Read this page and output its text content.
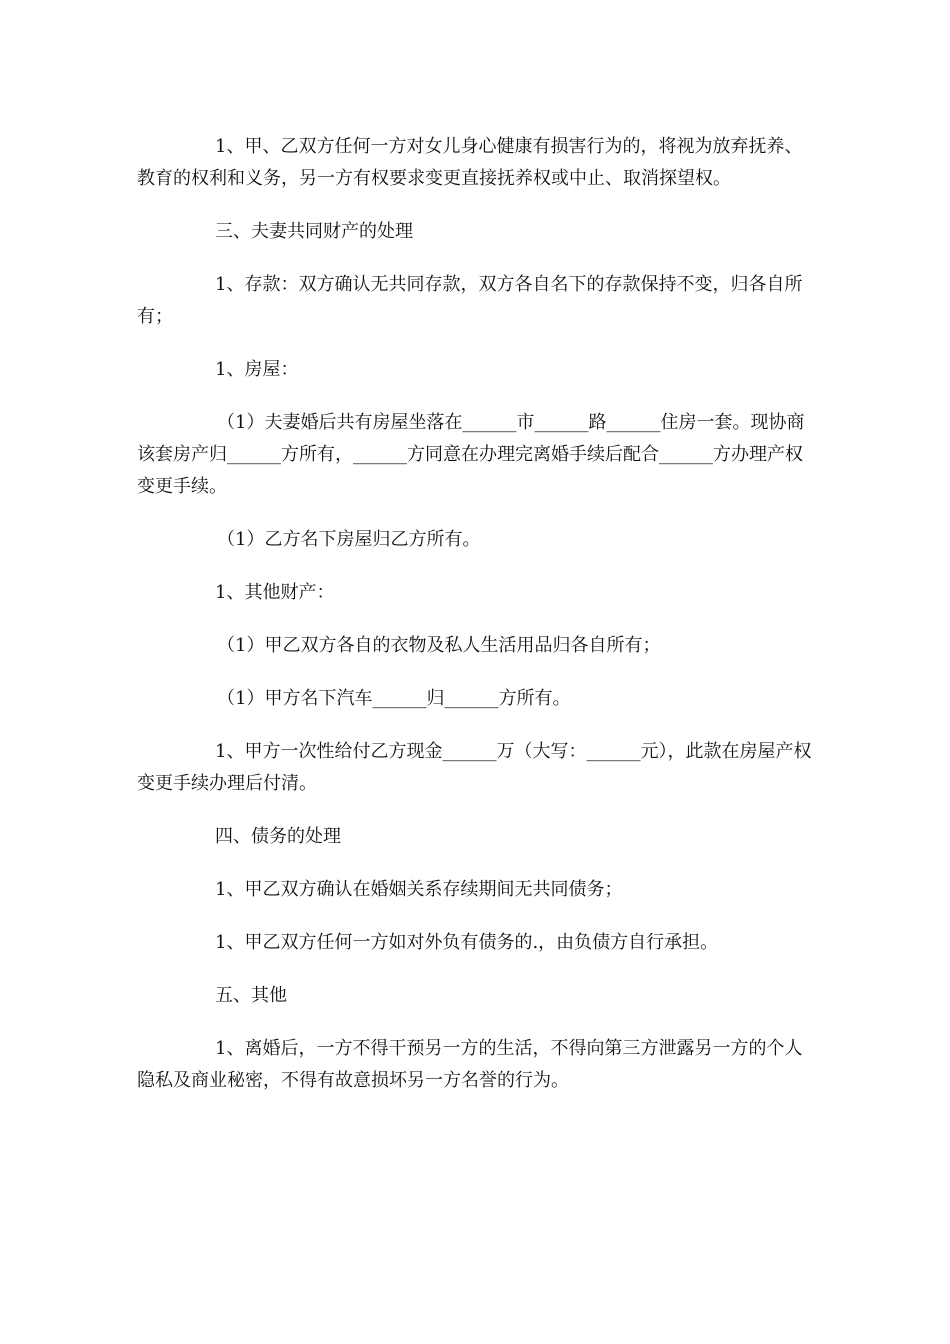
1、甲、乙双方任何一方对女儿身心健康有损害行为的，将视为放弃抚养、教育的权利和义务，另一方有权要求变更直接抚养权或中止、取消探望权。

三、夫妻共同财产的处理

1、存款：双方确认无共同存款，双方各自名下的存款保持不变，归各自所有；

1、房屋：

（1）夫妻婚后共有房屋坐落在______市______路______住房一套。现协商该套房产归______方所有，______方同意在办理完离婚手续后配合______方办理产权变更手续。

（1）乙方名下房屋归乙方所有。

1、其他财产：

（1）甲乙双方各自的衣物及私人生活用品归各自所有；

（1）甲方名下汽车______归______方所有。

1、甲方一次性给付乙方现金______万（大写：______元），此款在房屋产权变更手续办理后付清。

四、债务的处理

1、甲乙双方确认在婚姻关系存续期间无共同债务；

1、甲乙双方任何一方如对外负有债务的.，由负债方自行承担。

五、其他

1、离婚后，一方不得干预另一方的生活，不得向第三方泄露另一方的个人隐私及商业秘密，不得有故意损坏另一方名誉的行为。
